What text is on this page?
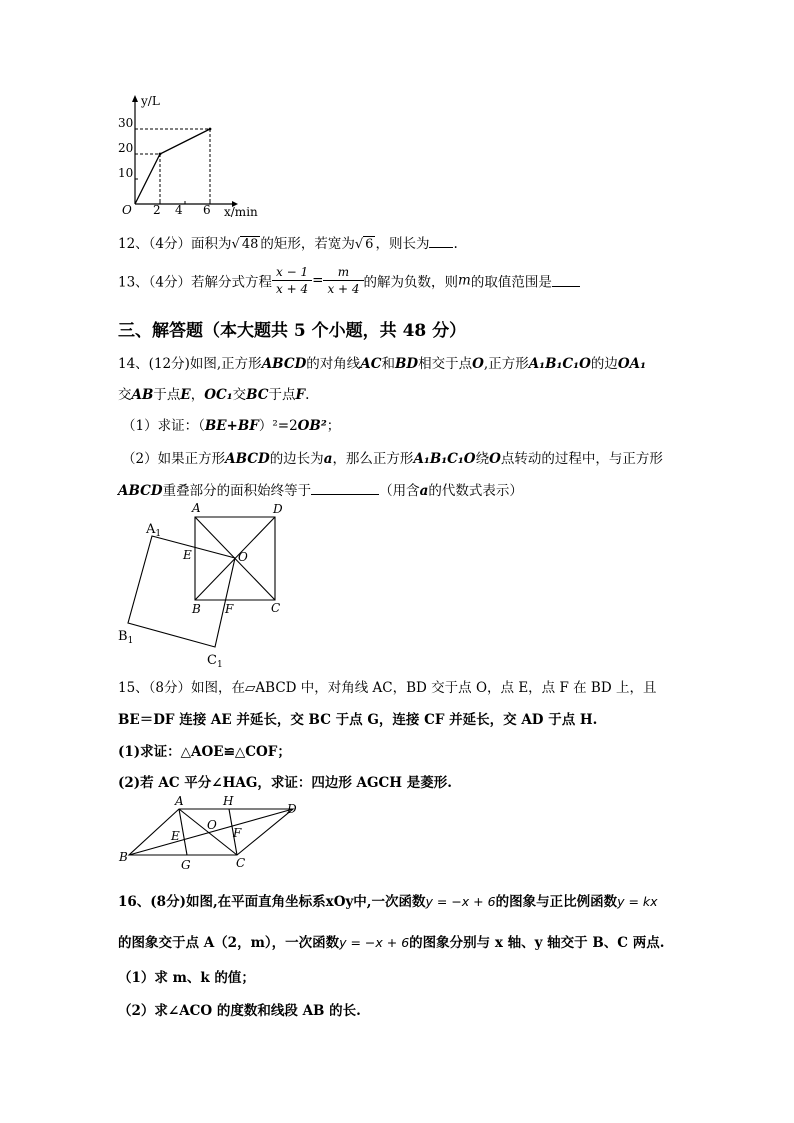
y/L
x/min
O
30
20
10
2 4 6
12、（4分）面积为√ 48 的矩形，若宽为√ 6 ，则长为 .
13、（4分）若解分式方程 $\frac{x - 1}{x + 4} = \frac{m}{x + 4}$ 的解为负数，则m的取值范围是
三、解答题（本大题共 5 个小题，共 48 分）
14、(12分)如图,正方形ABCD的对角线AC和BD相交于点O,正方形A₁B₁C₁O的边OA₁
交AB于点E，OC₁交BC于点F.
（1）求证：（BE+BF）²=2OB²；
（2）如果正方形ABCD的边长为a，那么正方形A₁B₁C₁O绕O点转动的过程中，与正方形
ABCD重叠部分的面积始终等于	（用含a的代数式表示）
A	D
O
E
B F	C
$A_1$
$B_1$
$C_1$
15、（8分）如图，在▱ABCD 中，对角线 AC，BD 交于点 O，点 E，点 F 在 BD 上，且
BE＝DF 连接 AE 并延长，交 BC 于点 G，连接 CF 并延长，交 AD 于点 H.
(1)求证：△AOE≌△COF；
(2)若 AC 平分∠HAG，求证：四边形 AGCH 是菱形.
A	H
D
O
E	F
B
G	C
16、(8分)如图,在平面直角坐标系xOy中,一次函数y = −x + 6的图象与正比例函数y = kx
的图象交于点 A（2，m），一次函数y = −x + 6的图象分别与 x 轴、y 轴交于 B、C 两点.
（1）求 m、k 的值；
（2）求∠ACO 的度数和线段 AB 的长.
